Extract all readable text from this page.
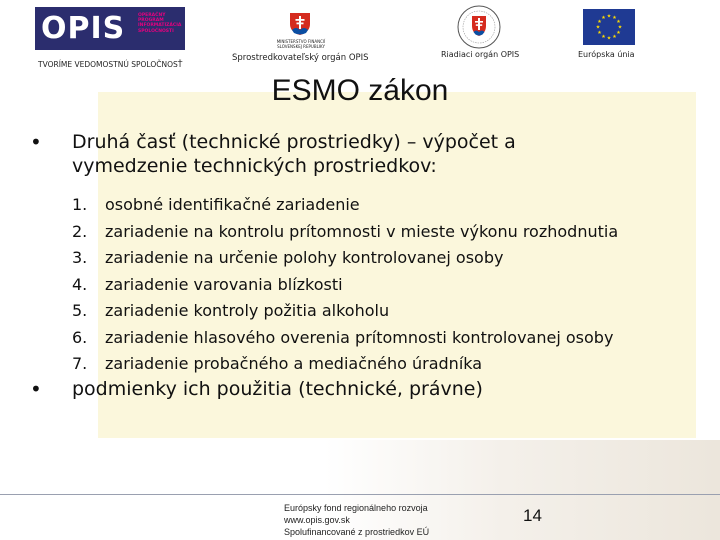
OPIS	OPERAČNÝ
PROGRAM
INFORMATIZÁCIA
SPOLOČNOSTI
TVORÍME VEDOMOSTNÚ SPOLOČNOSŤ
MINISTERSTVO FINANCIÍ
SLOVENSKEJ REPUBLIKY
Sprostredkovateľský orgán OPIS	Riadiaci orgán OPIS
★
★
★
★
★
★
★
★
★ ★ ★
★
Európska únia
ESMO zákon
• Druhá časť (technické prostriedky) – výpočet a
vymedzenie technických prostriedkov:
1. osobné identifikačné zariadenie
2. zariadenie na kontrolu prítomnosti v mieste výkonu rozhodnutia
3. zariadenie na určenie polohy kontrolovanej osoby
4. zariadenie varovania blízkosti
5. zariadenie kontroly požitia alkoholu
6. zariadenie hlasového overenia prítomnosti kontrolovanej osoby
7. zariadenie probačného a mediačného úradníka
• podmienky ich použitia (technické, právne)
Európsky fond regionálneho rozvoja
www.opis.gov.sk
Spolufinancované z prostriedkov EÚ
14
